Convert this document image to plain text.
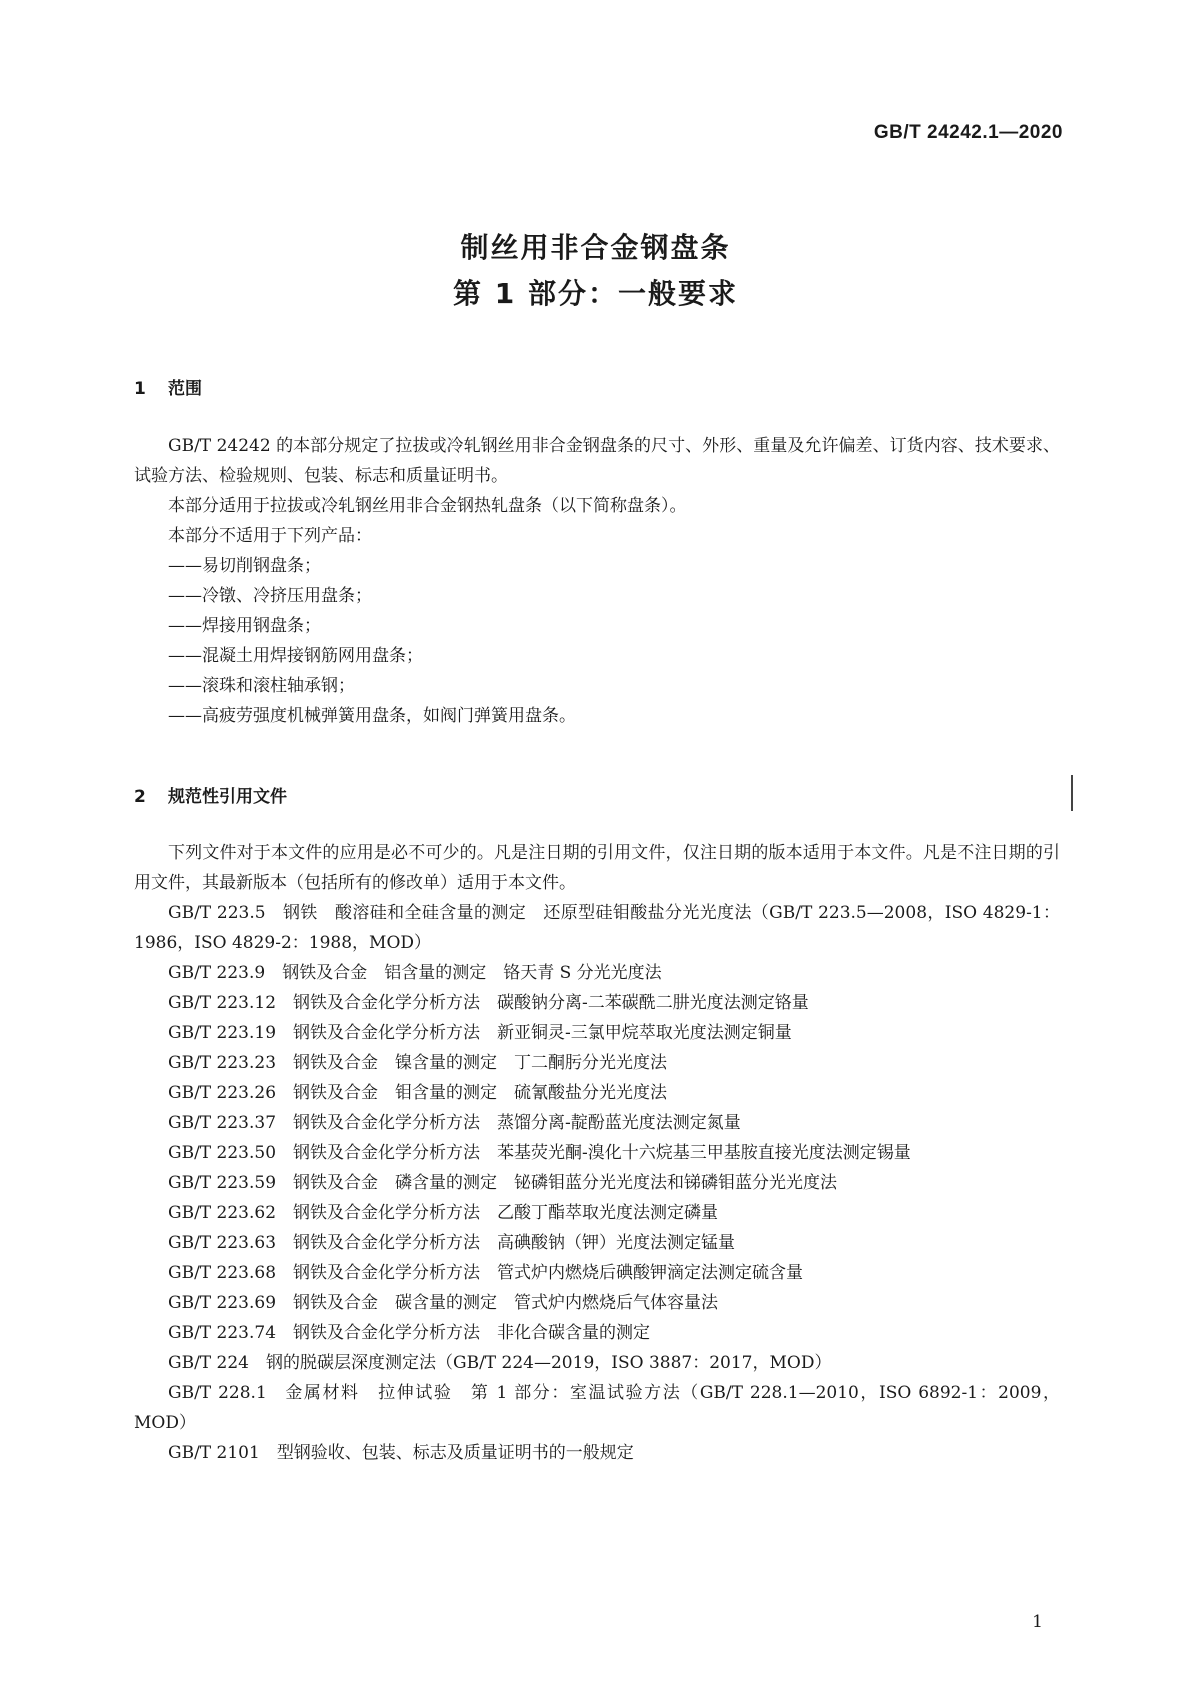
GB/T 24242.1—2020
制丝用非合金钢盘条
第 1 部分：一般要求
1 范围

GB/T 24242 的本部分规定了拉拔或冷轧钢丝用非合金钢盘条的尺寸、外形、重量及允许偏差、订货内容、技术要求、试验方法、检验规则、包装、标志和质量证明书。

本部分适用于拉拔或冷轧钢丝用非合金钢热轧盘条（以下简称盘条）。

本部分不适用于下列产品：

——易切削钢盘条；

——冷镦、冷挤压用盘条；

——焊接用钢盘条；

——混凝土用焊接钢筋网用盘条；

——滚珠和滚柱轴承钢；

——高疲劳强度机械弹簧用盘条，如阀门弹簧用盘条。

2 规范性引用文件

下列文件对于本文件的应用是必不可少的。凡是注日期的引用文件，仅注日期的版本适用于本文件。凡是不注日期的引用文件，其最新版本（包括所有的修改单）适用于本文件。

GB/T 223.5 钢铁　酸溶硅和全硅含量的测定　还原型硅钼酸盐分光光度法（GB/T 223.5—2008，ISO 4829-1：1986，ISO 4829-2：1988，MOD）

GB/T 223.9 钢铁及合金　铝含量的测定　铬天青 S 分光光度法

GB/T 223.12 钢铁及合金化学分析方法　碳酸钠分离-二苯碳酰二肼光度法测定铬量

GB/T 223.19 钢铁及合金化学分析方法　新亚铜灵-三氯甲烷萃取光度法测定铜量

GB/T 223.23 钢铁及合金　镍含量的测定　丁二酮肟分光光度法

GB/T 223.26 钢铁及合金　钼含量的测定　硫氰酸盐分光光度法

GB/T 223.37 钢铁及合金化学分析方法　蒸馏分离-靛酚蓝光度法测定氮量

GB/T 223.50 钢铁及合金化学分析方法　苯基荧光酮-溴化十六烷基三甲基胺直接光度法测定锡量

GB/T 223.59 钢铁及合金　磷含量的测定　铋磷钼蓝分光光度法和锑磷钼蓝分光光度法

GB/T 223.62 钢铁及合金化学分析方法　乙酸丁酯萃取光度法测定磷量

GB/T 223.63 钢铁及合金化学分析方法　高碘酸钠（钾）光度法测定锰量

GB/T 223.68 钢铁及合金化学分析方法　管式炉内燃烧后碘酸钾滴定法测定硫含量

GB/T 223.69 钢铁及合金　碳含量的测定　管式炉内燃烧后气体容量法

GB/T 223.74 钢铁及合金化学分析方法　非化合碳含量的测定

GB/T 224 钢的脱碳层深度测定法（GB/T 224—2019，ISO 3887：2017，MOD）

GB/T 228.1 金属材料　拉伸试验　第 1 部分：室温试验方法（GB/T 228.1—2010，ISO 6892-1：2009，MOD）

GB/T 2101 型钢验收、包装、标志及质量证明书的一般规定

1
